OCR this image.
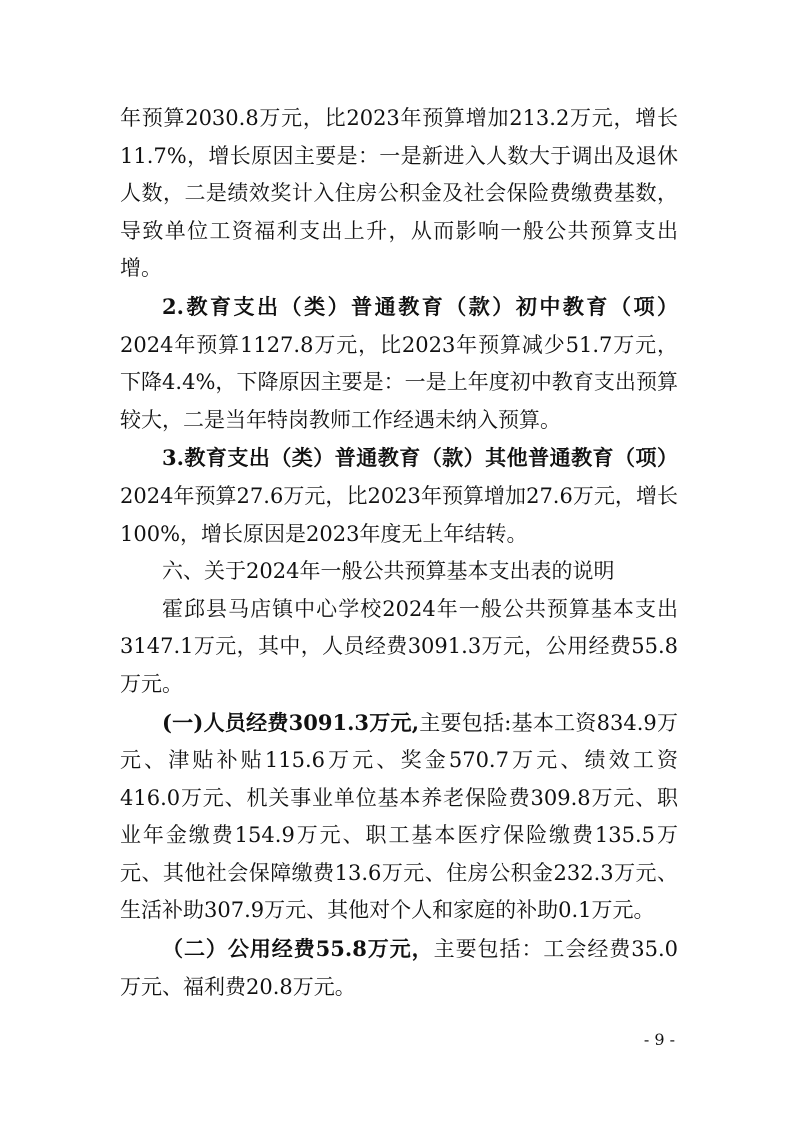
年预算2030.8万元，比2023年预算增加213.2万元，增长11.7%，增长原因主要是：一是新进入人数大于调出及退休人数，二是绩效奖计入住房公积金及社会保险费缴费基数，导致单位工资福利支出上升，从而影响一般公共预算支出增。

2.教育支出（类）普通教育（款）初中教育（项）2024年预算1127.8万元，比2023年预算减少51.7万元，下降4.4%，下降原因主要是：一是上年度初中教育支出预算较大，二是当年特岗教师工作经遇未纳入预算。

3.教育支出（类）普通教育（款）其他普通教育（项）2024年预算27.6万元，比2023年预算增加27.6万元，增长100%，增长原因是2023年度无上年结转。

六、关于2024年一般公共预算基本支出表的说明

霍邱县马店镇中心学校2024年一般公共预算基本支出3147.1万元，其中，人员经费3091.3万元，公用经费55.8万元。

(一)人员经费3091.3万元,主要包括:基本工资834.9万元、津贴补贴115.6万元、奖金570.7万元、绩效工资416.0万元、机关事业单位基本养老保险费309.8万元、职业年金缴费154.9万元、职工基本医疗保险缴费135.5万元、其他社会保障缴费13.6万元、住房公积金232.3万元、生活补助307.9万元、其他对个人和家庭的补助0.1万元。

（二）公用经费55.8万元，主要包括：工会经费35.0万元、福利费20.8万元。

- 9 -
